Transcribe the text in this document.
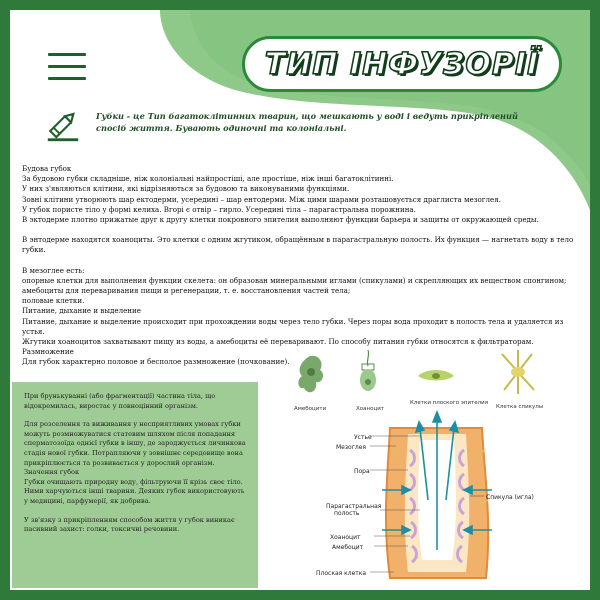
ТИП ІНФУЗОРІЇ
Губки - це Тип багатоклітинних тварин, що мешкають у воді і ведуть прикріплений спосіб життя. Бувають одиночні та колоніальні.

Будова губок

За будовою губки складніше, ніж колоніальні найпростіші, але простіше, ніж інші багатоклітинні.

У них з'являються клітини, які відрізняються за будовою та виконуваними функціями.

Зовні клітини утворюють шар ектодерми, усередині – шар ентодерми. Між цими шарами розташовується драглиста мезоглея.

У губок пористе тіло у формі келиха. Вгорі є отвір – гирло. Усередині тіла – парагастральна порожнина.

В эктодерме плотно прижатые друг к другу клетки покровного эпителия выполняют функции барьера и защиты от окружающей среды.

В энтодерме находятся хоаноциты. Это клетки с одним жгутиком, обращённым в парагастральную полость. Их функция — нагнетать воду в тело губки.

В мезоглее есть:

опорные клетки для выполнения функции скелета: он образован минеральными иглами (спикулами) и скрепляющих их веществом спонгином;

амебоциты для переваривания пищи и регенерации, т. е. восстановления частей тела;

половые клетки.

Питание, дыхание и выделение

Питание, дыхание и выделение происходит при прохождении воды через тело губки. Через поры вода проходит в полость тела и удаляется из устья.

Жгутики хоаноцитов захватывают пищу из воды, а амебоциты её переваривают. По способу питания губки относятся к фильтраторам.

Размножение

Для губок характерно половое и бесполое размножение (почкование).

При брунькуванні (або фрагментації) частина тіла, що відокремилась, виростає у повноцінний організм.

Для розселення та виживання у несприятливих умовах губки можуть розмножуватися статевим шляхом після попадання сперматозоїда однієї губки в іншу, де зароджується личинкова стадія нової губки. Потрапляючи у зовнішнє середовище вона прикріплюється та розвивається у дорослий організм.

Значення губок

Губки очищають природну воду, фільтруючи її крізь своє тіло. Ними харчуються інші тварини. Деяких губок використовують у медицині, парфумерії, як добрива.

У зв'язку з прикріпленням способом життя у губок виникає пасивний захист: голки, токсичні речовини.

Амебоцити	Хоаноцит
Клетки плоского эпителия
Клетка спикулы
Устье
Мезоглея
Пора
Спикула (игла)
Парагастральная полость
Хоаноцит
Амебоцит
Плоская клетка
